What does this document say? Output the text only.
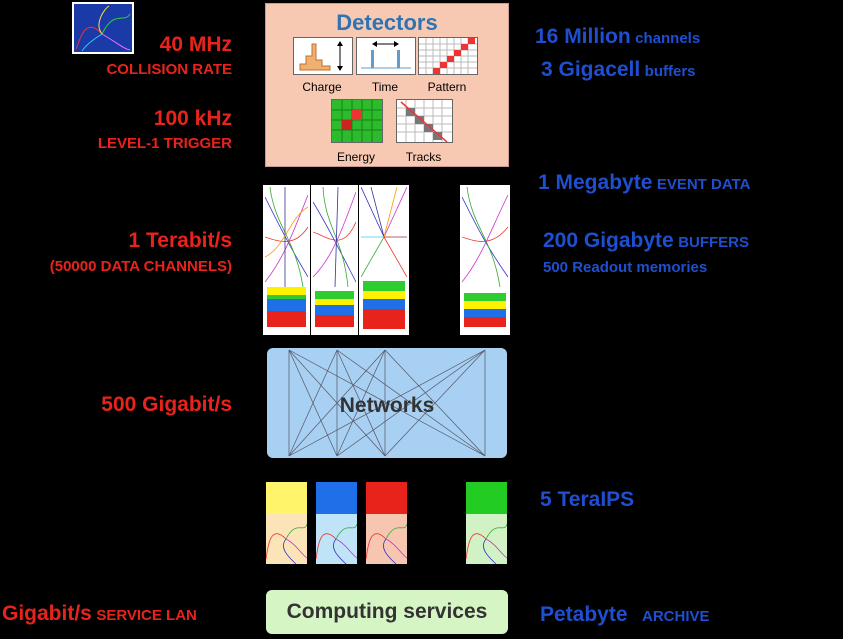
40 MHz
COLLISION RATE
100 kHz
LEVEL-1 TRIGGER
1 Terabit/s
(50000 DATA CHANNELS)
500 Gigabit/s
Gigabit/s SERVICE LAN
16 Million channels
3 Gigacell buffers
1 Megabyte EVENT DATA
200 Gigabyte BUFFERS
500 Readout memories
5 TeraIPS
Petabyte ARCHIVE
Detectors
Charge	Time	Pattern
Energy	Tracks
Networks
Computing services
